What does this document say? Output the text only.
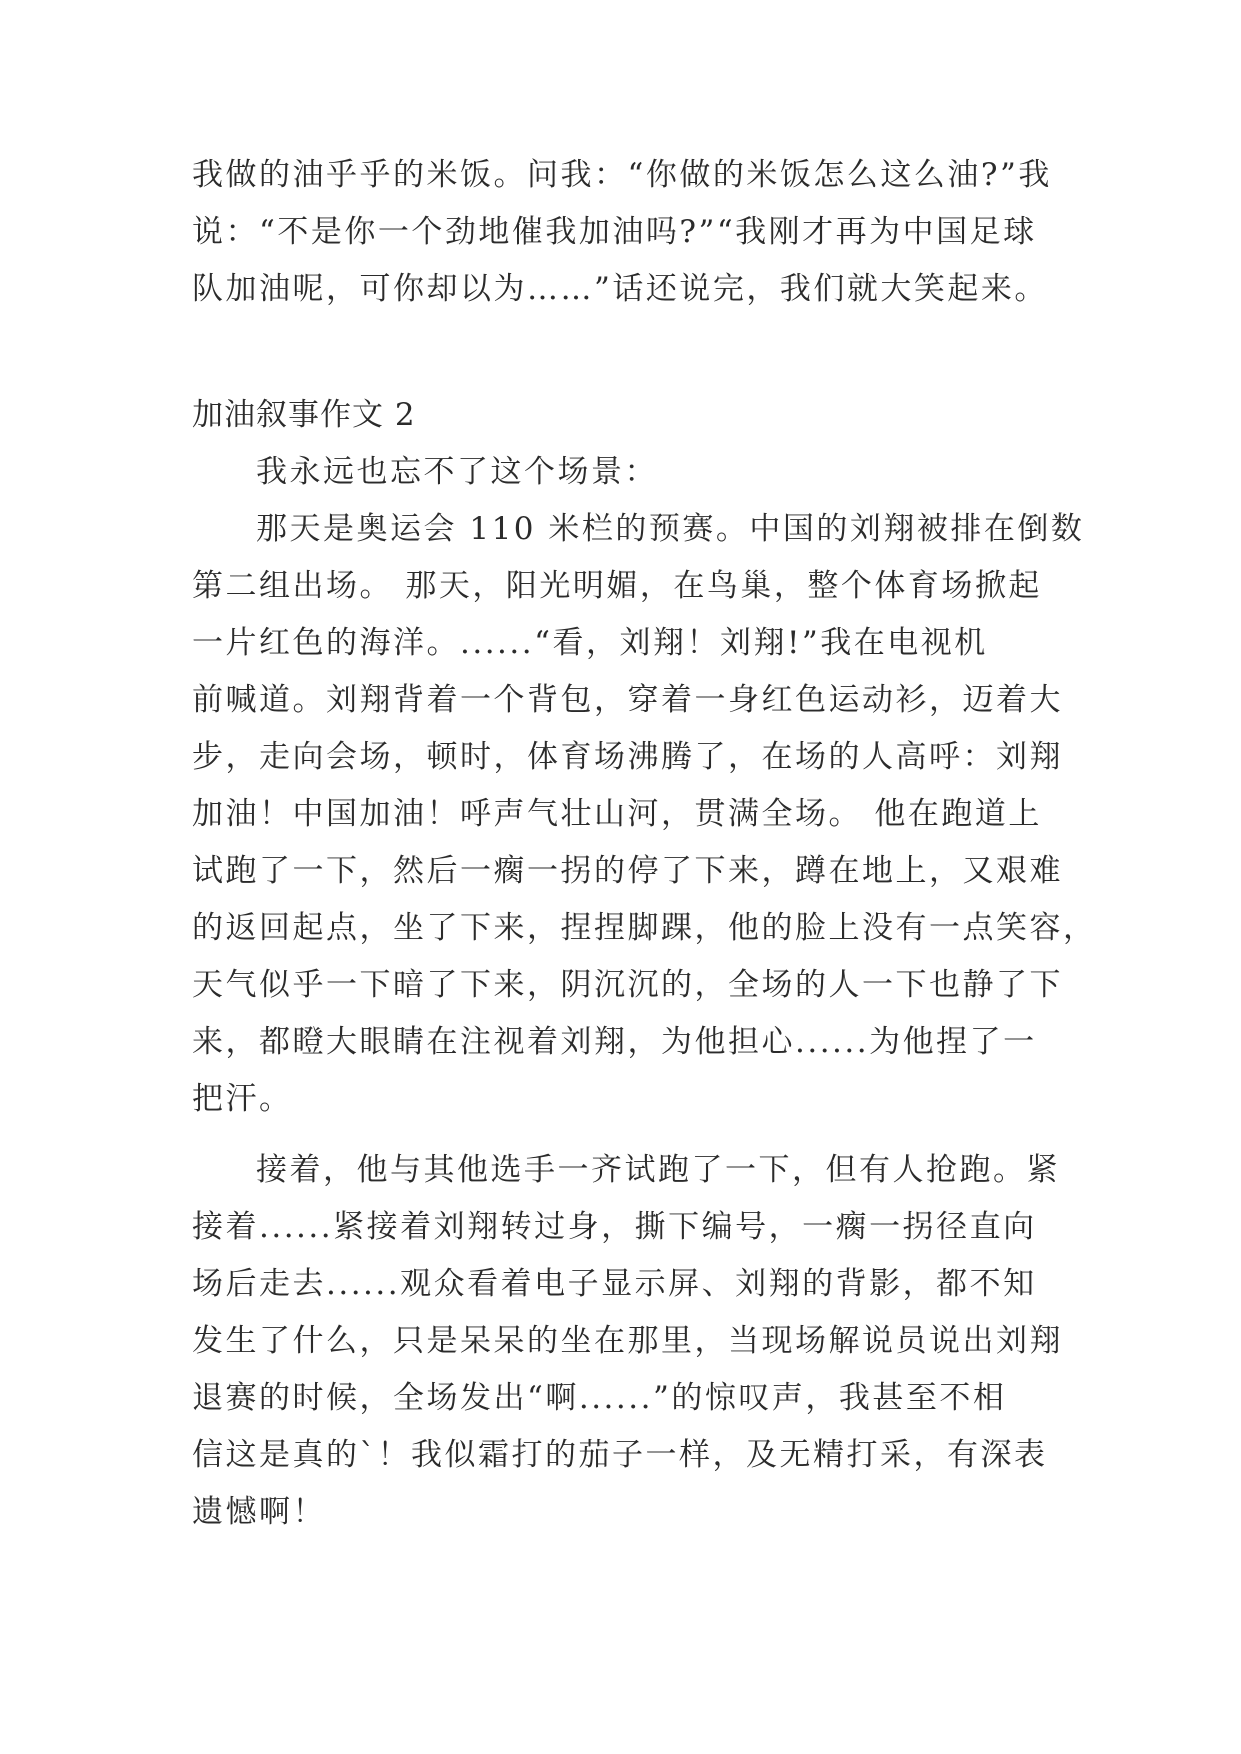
我做的油乎乎的米饭。问我：“你做的米饭怎么这么油?”我
说：“不是你一个劲地催我加油吗?”“我刚才再为中国足球
队加油呢，可你却以为……”话还说完，我们就大笑起来。
加油叙事作文 2
我永远也忘不了这个场景：
那天是奥运会 110 米栏的预赛。中国的刘翔被排在倒数
第二组出场。 那天，阳光明媚，在鸟巢，整个体育场掀起
一片红色的海洋。......“看，刘翔！刘翔!”我在电视机
前喊道。刘翔背着一个背包，穿着一身红色运动衫，迈着大
步，走向会场，顿时，体育场沸腾了，在场的人高呼：刘翔
加油！中国加油！呼声气壮山河，贯满全场。 他在跑道上
试跑了一下，然后一瘸一拐的停了下来，蹲在地上，又艰难
的返回起点，坐了下来，捏捏脚踝，他的脸上没有一点笑容，
天气似乎一下暗了下来，阴沉沉的，全场的人一下也静了下
来，都瞪大眼睛在注视着刘翔，为他担心......为他捏了一
把汗。
接着，他与其他选手一齐试跑了一下，但有人抢跑。紧
接着......紧接着刘翔转过身，撕下编号，一瘸一拐径直向
场后走去......观众看着电子显示屏、刘翔的背影，都不知
发生了什么，只是呆呆的坐在那里，当现场解说员说出刘翔
退赛的时候，全场发出“啊......”的惊叹声，我甚至不相
信这是真的`！我似霜打的茄子一样，及无精打采，有深表
遗憾啊！
